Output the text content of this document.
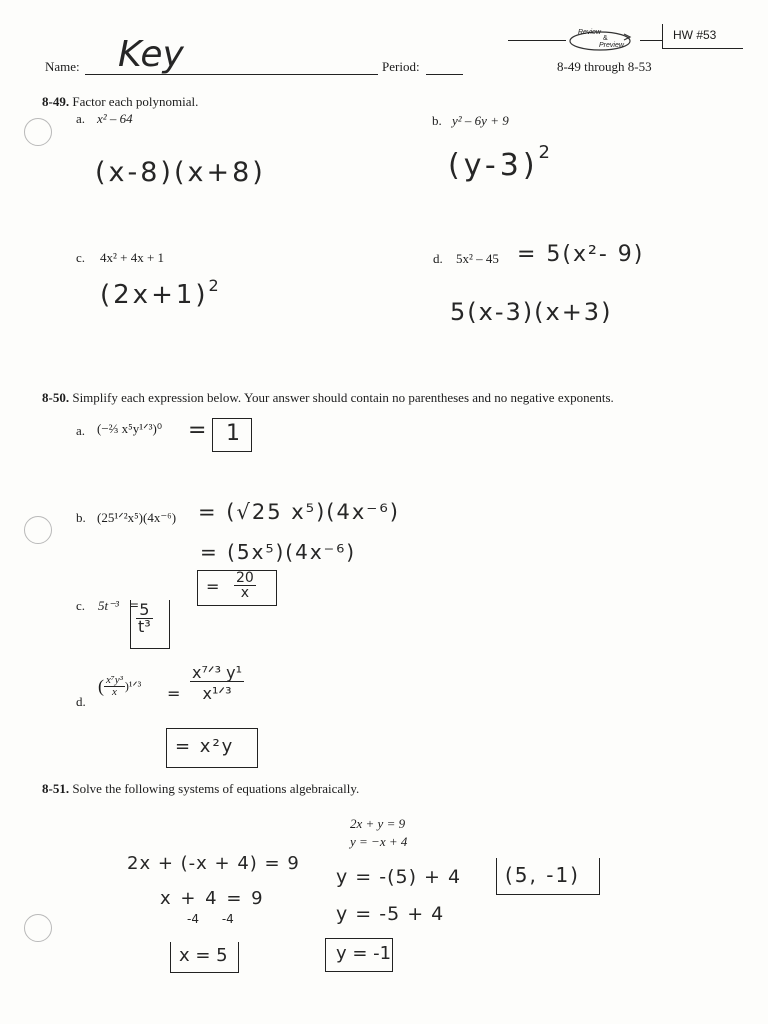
Review
&
Preview
HW #53
Name: Key	Period:	8-49 through 8-53
8-49. Factor each polynomial.
a. x² – 64	b. y² – 6y + 9
(x-8)(x+8)	$(y-3)^2$
c. 4x² + 4x + 1	d. 5x² – 45 = 5(x²- 9)
$(2x+1)^2$
5(x-3)(x+3)
8-50. Simplify each expression below. Your answer should contain no parentheses and no negative exponents.
a. (−⅔ x⁵y¹ᐟ³)⁰ = 1
b. (25¹ᐟ²x⁵)(4x⁻⁶) = (√25 x⁵)(4x⁻⁶)
= (5x⁵)(4x⁻⁶)
= $\frac{20}{x}$
c. 5t⁻³ =
$\frac{5}{\text{t³}}$
d.
( $\frac{\text{x⁷y³}}{x}$ )¹ᐟ³ = $\frac{\text{x⁷ᐟ³ y¹}}{\text{x¹ᐟ³}}$
= x²y
8-51. Solve the following systems of equations algebraically.
2x + y = 9
y = −x + 4
2x + (-x + 4) = 9
x + 4 = 9
-4      -4
x = 5
y = -(5) + 4
y = -5 + 4
y = -1
(5, -1)
